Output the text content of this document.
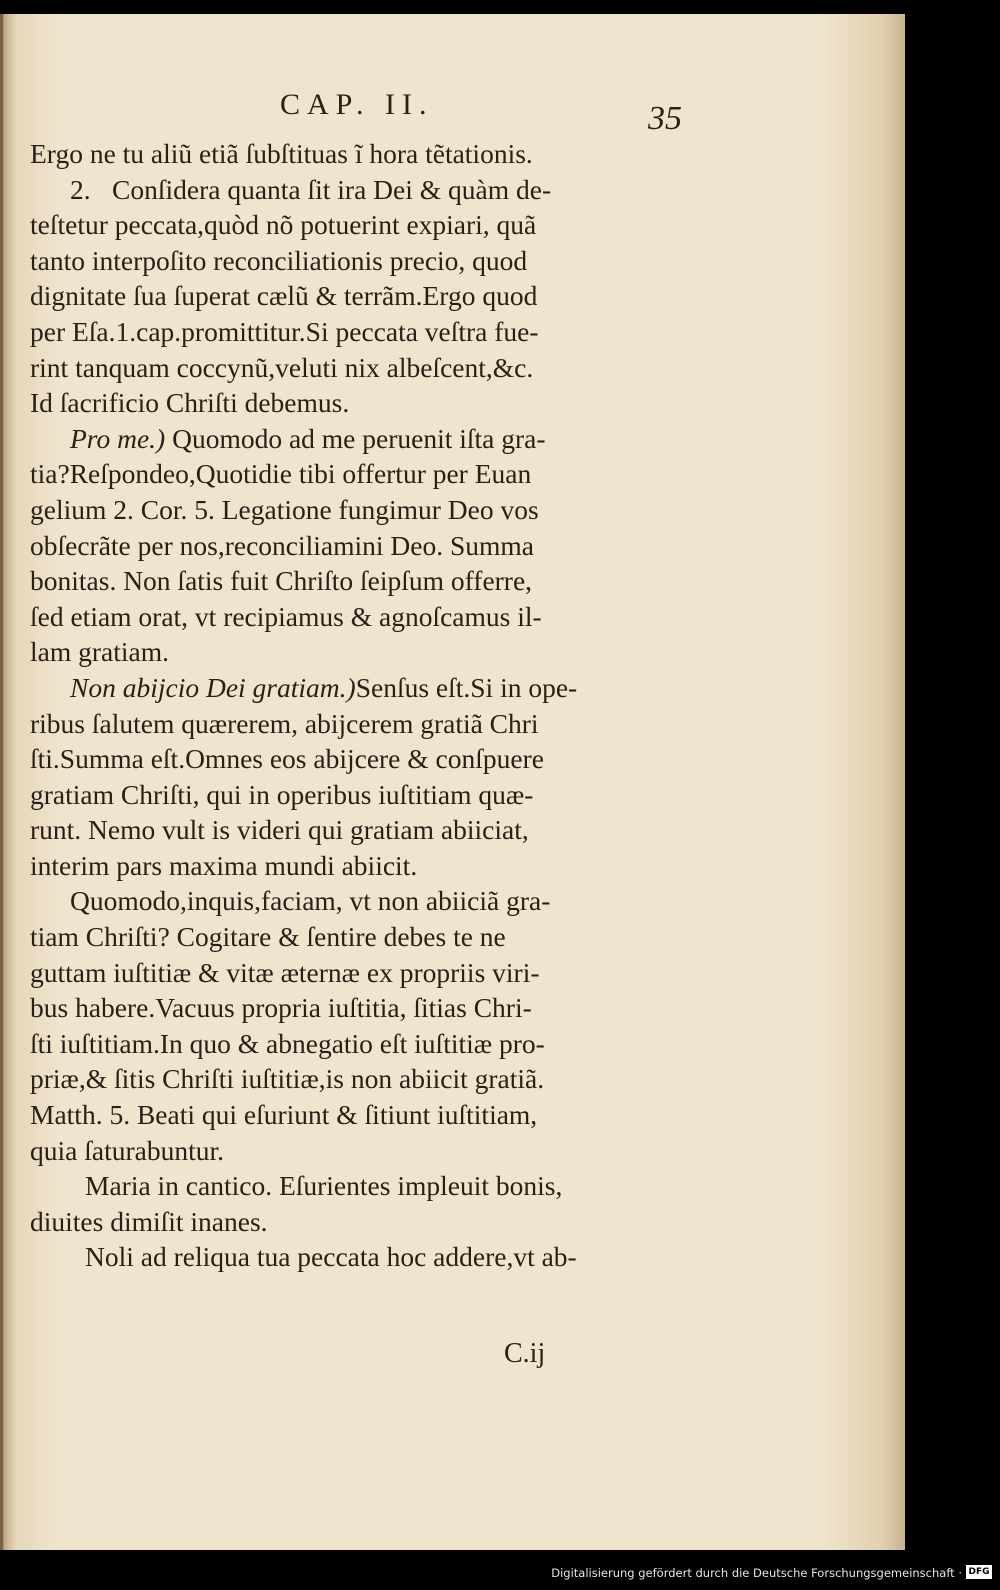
CAP. II.	35
Ergo ne tu aliũ etiã ſubſtituas ĩ hora tẽtationis.
2. Conſidera quanta ſit ira Dei & quàm de-
teſtetur peccata,quòd nõ potuerint expiari, quã
tanto interpoſito reconciliationis precio, quod
dignitate ſua ſuperat cælũ & terrãm.Ergo quod
per Eſa.1.cap.promittitur.Si peccata veſtra fue-
rint tanquam coccynũ,veluti nix albeſcent,&c.
Id ſacrificio Chriſti debemus.
Pro me.) Quomodo ad me peruenit iſta gra-
tia?Reſpondeo,Quotidie tibi offertur per Euan
gelium 2. Cor. 5. Legatione fungimur Deo vos
obſecrãte per nos,reconciliamini Deo. Summa
bonitas. Non ſatis fuit Chriſto ſeipſum offerre,
ſed etiam orat, vt recipiamus & agnoſcamus il-
lam gratiam.
Non abijcio Dei gratiam.)Senſus eſt.Si in ope-
ribus ſalutem quærerem, abijcerem gratiã Chri
ſti.Summa eſt.Omnes eos abijcere & conſpuere
gratiam Chriſti, qui in operibus iuſtitiam quæ-
runt. Nemo vult is videri qui gratiam abiiciat,
interim pars maxima mundi abiicit.
Quomodo,inquis,faciam, vt non abiiciã gra-
tiam Chriſti? Cogitare & ſentire debes te ne
guttam iuſtitiæ & vitæ æternæ ex propriis viri-
bus habere.Vacuus propria iuſtitia, ſitias Chri-
ſti iuſtitiam.In quo & abnegatio eſt iuſtitiæ pro-
priæ,& ſitis Chriſti iuſtitiæ,is non abiicit gratiã.
Matth. 5. Beati qui eſuriunt & ſitiunt iuſtitiam,
quia ſaturabuntur.
Maria in cantico. Eſurientes impleuit bonis,
diuites dimiſit inanes.
Noli ad reliqua tua peccata hoc addere,vt ab-
C.ij
Digitalisierung gefördert durch die Deutsche Forschungsgemeinschaft · DFG
